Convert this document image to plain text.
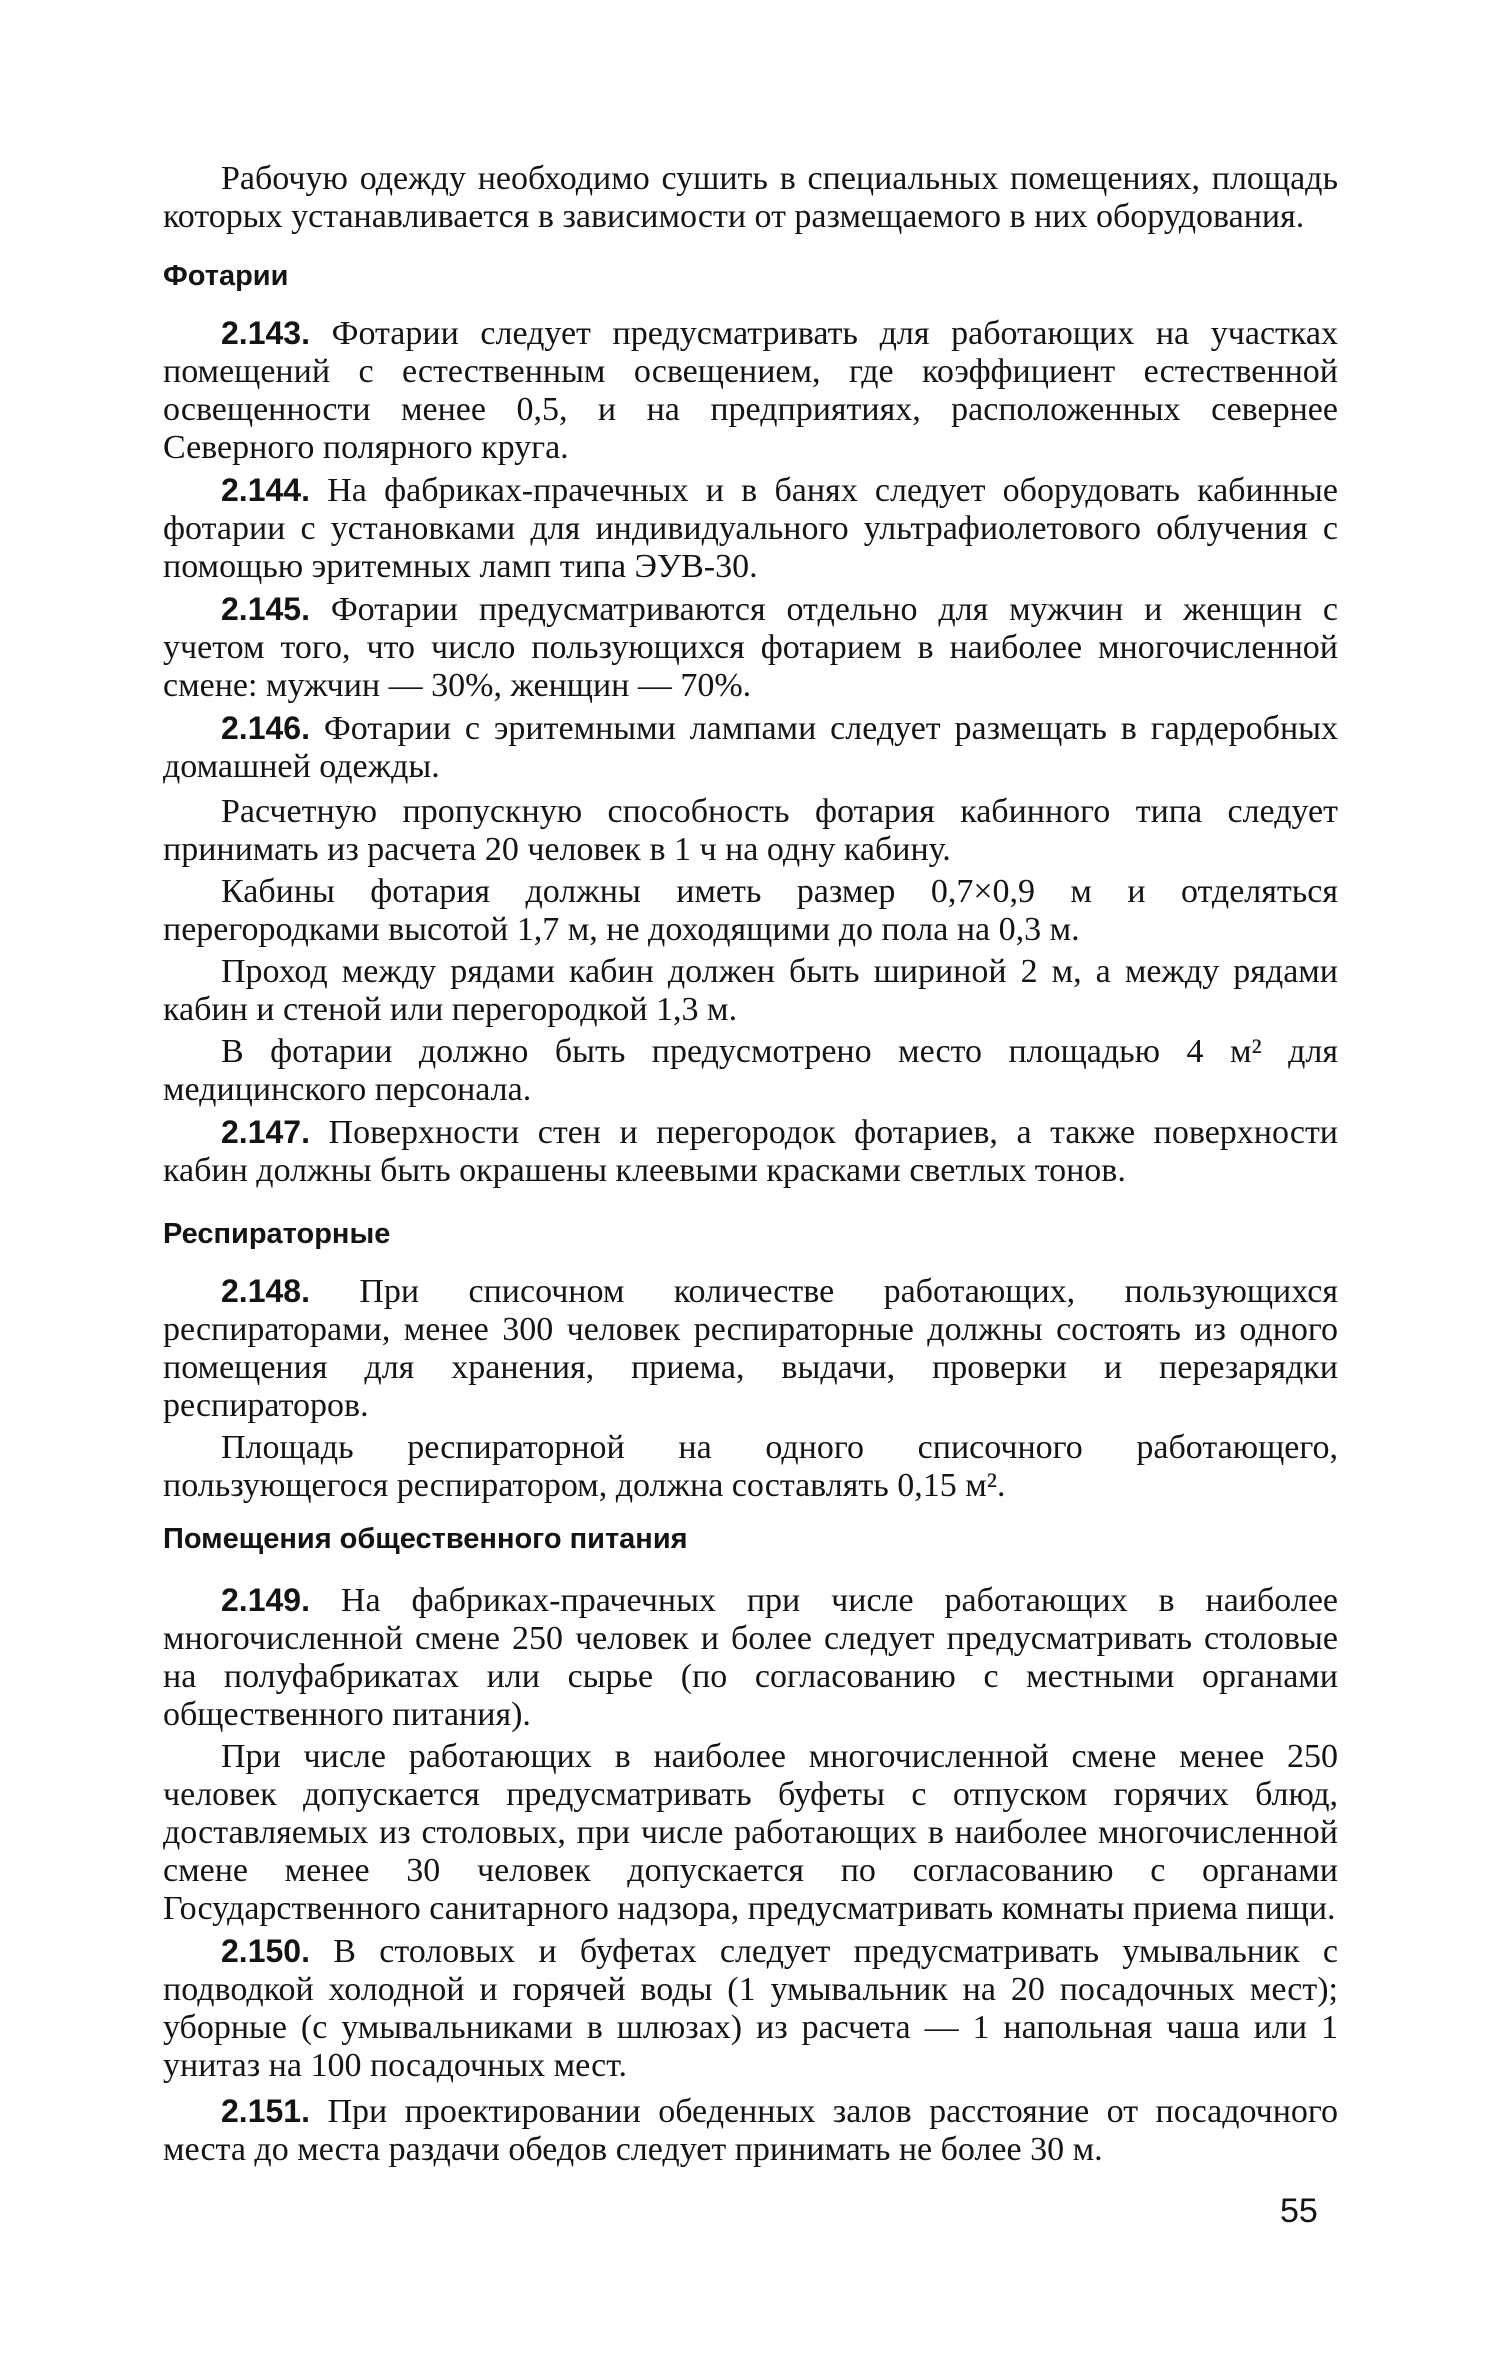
Рабочую одежду необходимо сушить в специальных помещениях, площадь которых устанавливается в зависимости от размещаемого в них оборудования.

Фотарии

2.143. Фотарии следует предусматривать для работающих на участках помещений с естественным освещением, где коэффициент естественной освещенности менее 0,5, и на предприятиях, расположенных севернее Северного полярного круга.

2.144. На фабриках-прачечных и в банях следует оборудовать кабинные фотарии с установками для индивидуального ультрафиолетового облучения с помощью эритемных ламп типа ЭУВ-30.

2.145. Фотарии предусматриваются отдельно для мужчин и женщин с учетом того, что число пользующихся фотарием в наиболее многочисленной смене: мужчин — 30%, женщин — 70%.

2.146. Фотарии с эритемными лампами следует размещать в гардеробных домашней одежды.

Расчетную пропускную способность фотария кабинного типа следует принимать из расчета 20 человек в 1 ч на одну кабину.

Кабины фотария должны иметь размер 0,7×0,9 м и отделяться перегородками высотой 1,7 м, не доходящими до пола на 0,3 м.

Проход между рядами кабин должен быть шириной 2 м, а между рядами кабин и стеной или перегородкой 1,3 м.

В фотарии должно быть предусмотрено место площадью 4 м² для медицинского персонала.

2.147. Поверхности стен и перегородок фотариев, а также поверхности кабин должны быть окрашены клеевыми красками светлых тонов.

Респираторные

2.148. При списочном количестве работающих, пользующихся респираторами, менее 300 человек респираторные должны состоять из одного помещения для хранения, приема, выдачи, проверки и перезарядки респираторов.

Площадь респираторной на одного списочного работающего, пользующегося респиратором, должна составлять 0,15 м².

Помещения общественного питания

2.149. На фабриках-прачечных при числе работающих в наиболее многочисленной смене 250 человек и более следует предусматривать столовые на полуфабрикатах или сырье (по согласованию с местными органами общественного питания).

При числе работающих в наиболее многочисленной смене менее 250 человек допускается предусматривать буфеты с отпуском горячих блюд, доставляемых из столовых, при числе работающих в наиболее многочисленной смене менее 30 человек допускается по согласованию с органами Государственного санитарного надзора, предусматривать комнаты приема пищи.

2.150. В столовых и буфетах следует предусматривать умывальник с подводкой холодной и горячей воды (1 умывальник на 20 посадочных мест); уборные (с умывальниками в шлюзах) из расчета — 1 напольная чаша или 1 унитаз на 100 посадочных мест.

2.151. При проектировании обеденных залов расстояние от посадочного места до места раздачи обедов следует принимать не более 30 м.

55
